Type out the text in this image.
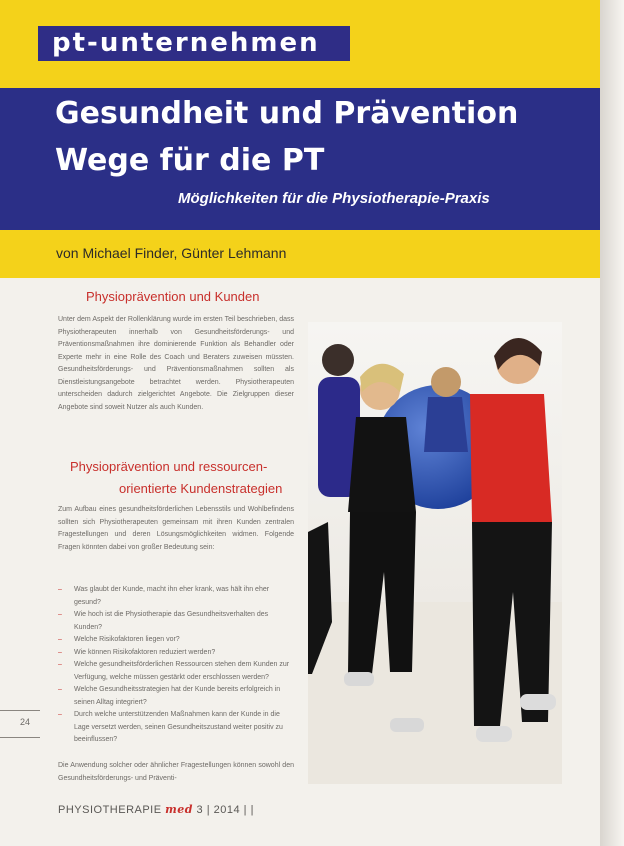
pt-unternehmen
Gesundheit und Prävention
Wege für die PT
Möglichkeiten für die Physiotherapie-Praxis
von Michael Finder, Günter Lehmann
Physioprävention und Kunden
Unter dem Aspekt der Rollenklärung wurde im ersten Teil beschrieben, dass Physiotherapeuten innerhalb von Gesundheitsförderungs- und Präventionsmaßnahmen ihre dominierende Funktion als Behandler oder Experte mehr in eine Rolle des Coach und Beraters zuweisen müssten. Gesundheitsförderungs- und Präventionsmaßnahmen sollten als Dienstleistungsangebote betrachtet werden. Physiotherapeuten unterscheiden dadurch zielgerichtet Angebote. Die Zielgruppen dieser Angebote sind soweit Nutzer als auch Kunden.
Physioprävention und ressourcen-
orientierte Kundenstrategien
Zum Aufbau eines gesundheitsförderlichen Lebensstils und Wohlbefindens sollten sich Physiotherapeuten gemeinsam mit ihren Kunden zentralen Fragestellungen und deren Lösungsmöglichkeiten widmen. Folgende Fragen könnten dabei von großer Bedeutung sein:
– Was glaubt der Kunde, macht ihn eher krank, was hält ihn eher gesund?
– Wie hoch ist die Physiotherapie das Gesundheitsverhalten des Kunden?
– Welche Risikofaktoren liegen vor?
– Wie können Risikofaktoren reduziert werden?
– Welche gesundheitsförderlichen Ressourcen stehen dem Kunden zur Verfügung, welche müssen gestärkt oder erschlossen werden?
– Welche Gesundheitsstrategien hat der Kunde bereits erfolgreich in seinen Alltag integriert?
– Durch welche unterstützenden Maßnahmen kann der Kunde in die Lage versetzt werden, seinen Gesundheitszustand weiter positiv zu beeinflussen?
Die Anwendung solcher oder ähnlicher Fragestellungen können sowohl den Gesundheitsförderungs- und Präventi-
24
PHYSIOTHERAPIE med 3 | 2014 | |
